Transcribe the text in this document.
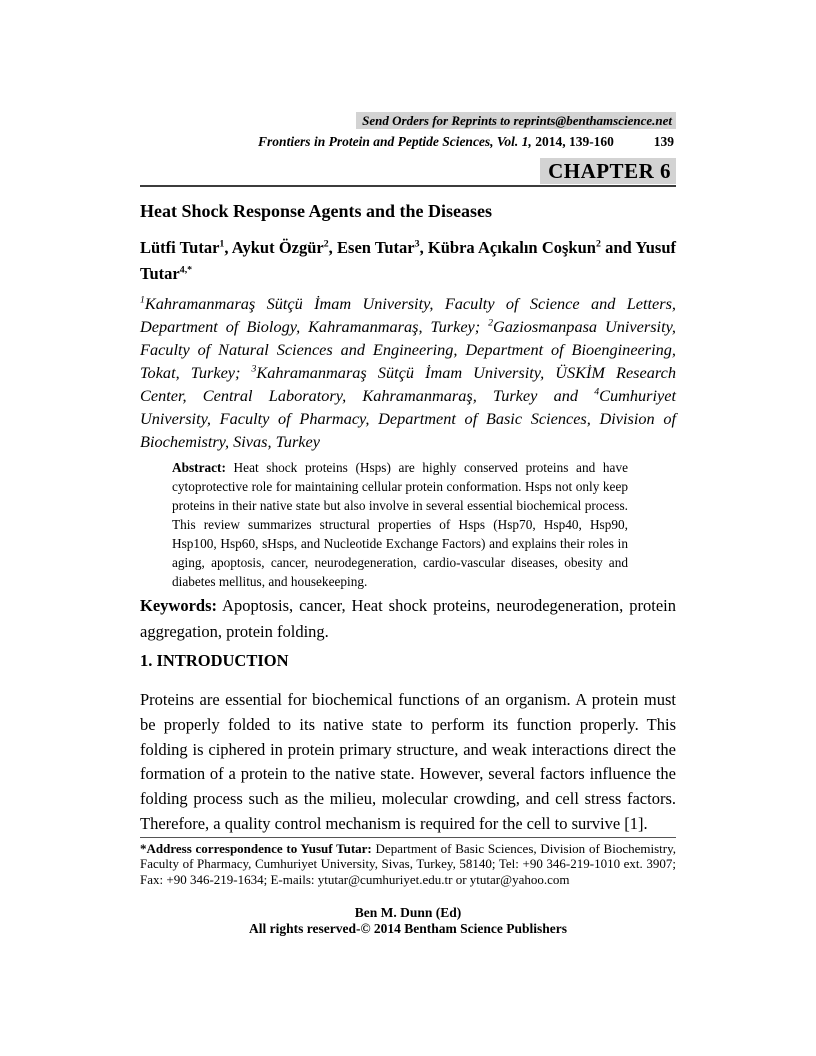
Send Orders for Reprints to reprints@benthamscience.net
Frontiers in Protein and Peptide Sciences, Vol. 1, 2014, 139-160	139
CHAPTER 6
Heat Shock Response Agents and the Diseases
Lütfi Tutar$^1$, Aykut Özgür$^2$, Esen Tutar$^3$, Kübra Açıkalın Coşkun$^2$ and Yusuf Tutar$^{4,*}$
$^1$Kahramanmaraş Sütçü İmam University, Faculty of Science and Letters, Department of Biology, Kahramanmaraş, Turkey; $^2$Gaziosmanpasa University, Faculty of Natural Sciences and Engineering, Department of Bioengineering, Tokat, Turkey; $^3$Kahramanmaraş Sütçü İmam University, ÜSKİM Research Center, Central Laboratory, Kahramanmaraş, Turkey and $^4$Cumhuriyet University, Faculty of Pharmacy, Department of Basic Sciences, Division of Biochemistry, Sivas, Turkey
Abstract: Heat shock proteins (Hsps) are highly conserved proteins and have cytoprotective role for maintaining cellular protein conformation. Hsps not only keep proteins in their native state but also involve in several essential biochemical process. This review summarizes structural properties of Hsps (Hsp70, Hsp40, Hsp90, Hsp100, Hsp60, sHsps, and Nucleotide Exchange Factors) and explains their roles in aging, apoptosis, cancer, neurodegeneration, cardio-vascular diseases, obesity and diabetes mellitus, and housekeeping.
Keywords: Apoptosis, cancer, Heat shock proteins, neurodegeneration, protein aggregation, protein folding.
1. INTRODUCTION
Proteins are essential for biochemical functions of an organism. A protein must be properly folded to its native state to perform its function properly. This folding is ciphered in protein primary structure, and weak interactions direct the formation of a protein to the native state. However, several factors influence the folding process such as the milieu, molecular crowding, and cell stress factors. Therefore, a quality control mechanism is required for the cell to survive [1].
*Address correspondence to Yusuf Tutar: Department of Basic Sciences, Division of Biochemistry, Faculty of Pharmacy, Cumhuriyet University, Sivas, Turkey, 58140; Tel: +90 346-219-1010 ext. 3907; Fax: +90 346-219-1634; E-mails: ytutar@cumhuriyet.edu.tr or ytutar@yahoo.com
Ben M. Dunn (Ed)
All rights reserved-© 2014 Bentham Science Publishers
